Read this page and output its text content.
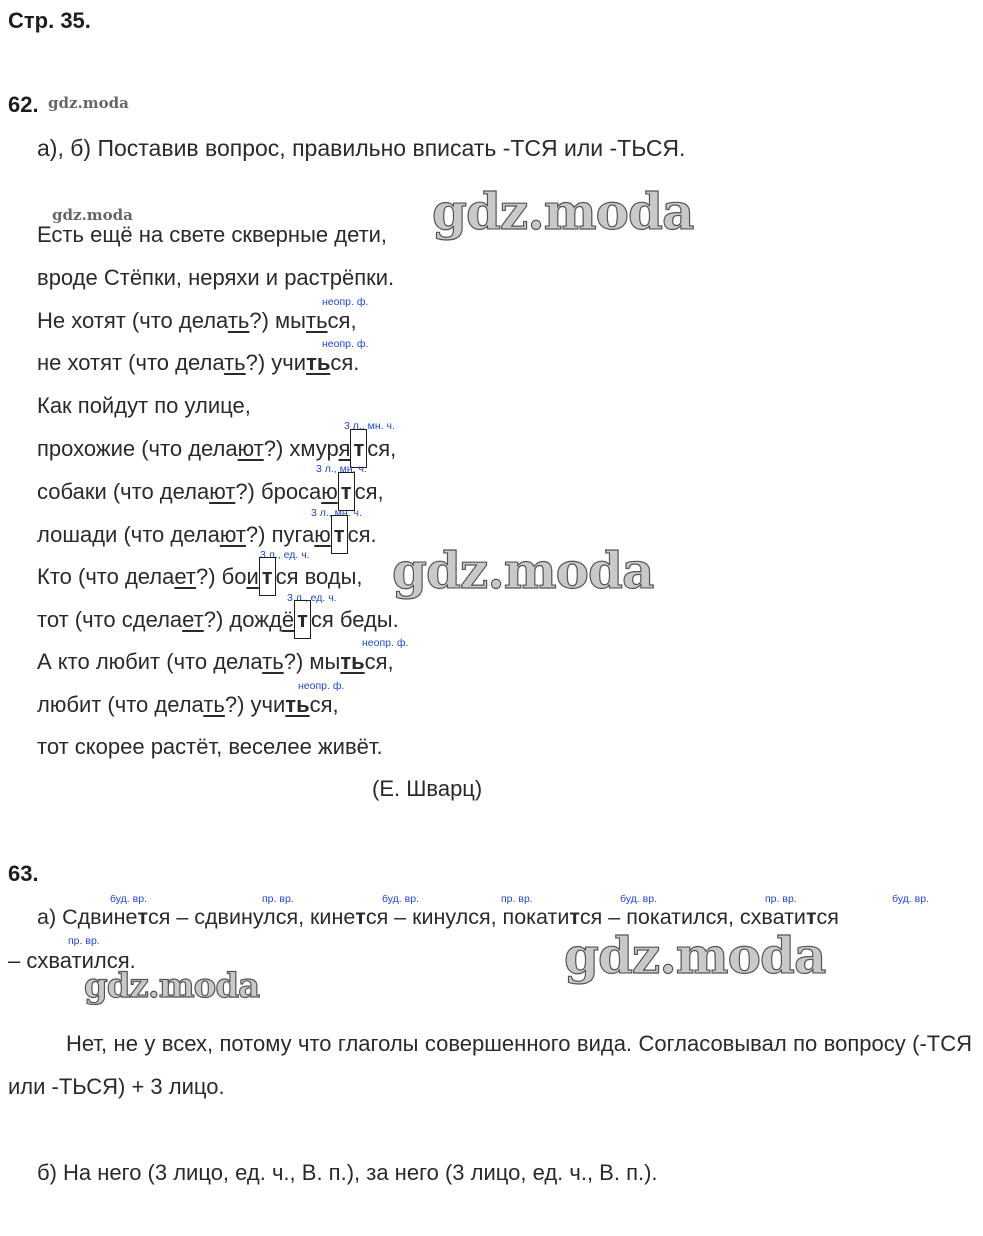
Стр. 35.
62. gdz.moda
а), б) Поставив вопрос, правильно вписать -ТСЯ или -ТЬСЯ.
gdz.moda	gdz.moda
Есть ещё на свете скверные дети,
вроде Стёпки, неряхи и растрёпки.
неопр. ф.
Не хотят (что делать?) мыться,
неопр. ф.
не хотят (что делать?) учиться.
Как пойдут по улице,
3 л., мн. ч.
прохожие (что делают?) хмуря т ся,
3 л., мн. ч.
собаки (что делают?) бросаю т ся,
3 л., мн. ч.
лошади (что делают?) пугаю т ся.
gdz.moda
3 л., ед. ч.
Кто (что делает?) бои т ся воды,
3 л., ед. ч.
тот (что сделает?) дождё т ся беды.
неопр. ф.
А кто любит (что делать?) мыться,
неопр. ф.
любит (что делать?) учиться,
тот скорее растёт, веселее живёт.
(Е. Шварц)
63.
буд. вр.	пр. вр.	буд. вр.	пр. вр.	буд. вр.	пр. вр.	буд. вр.
а) Сдвинется – сдвинулся, кинется – кинулся, покатится – покатился, схватится
пр. вр.
– схватился.	gdz.moda
gdz.moda
Нет, не у всех, потому что глаголы совершенного вида. Согласовывал по вопросу (-ТСЯ или -ТЬСЯ) + 3 лицо.
б) На него (3 лицо, ед. ч., В. п.), за него (3 лицо, ед. ч., В. п.).
